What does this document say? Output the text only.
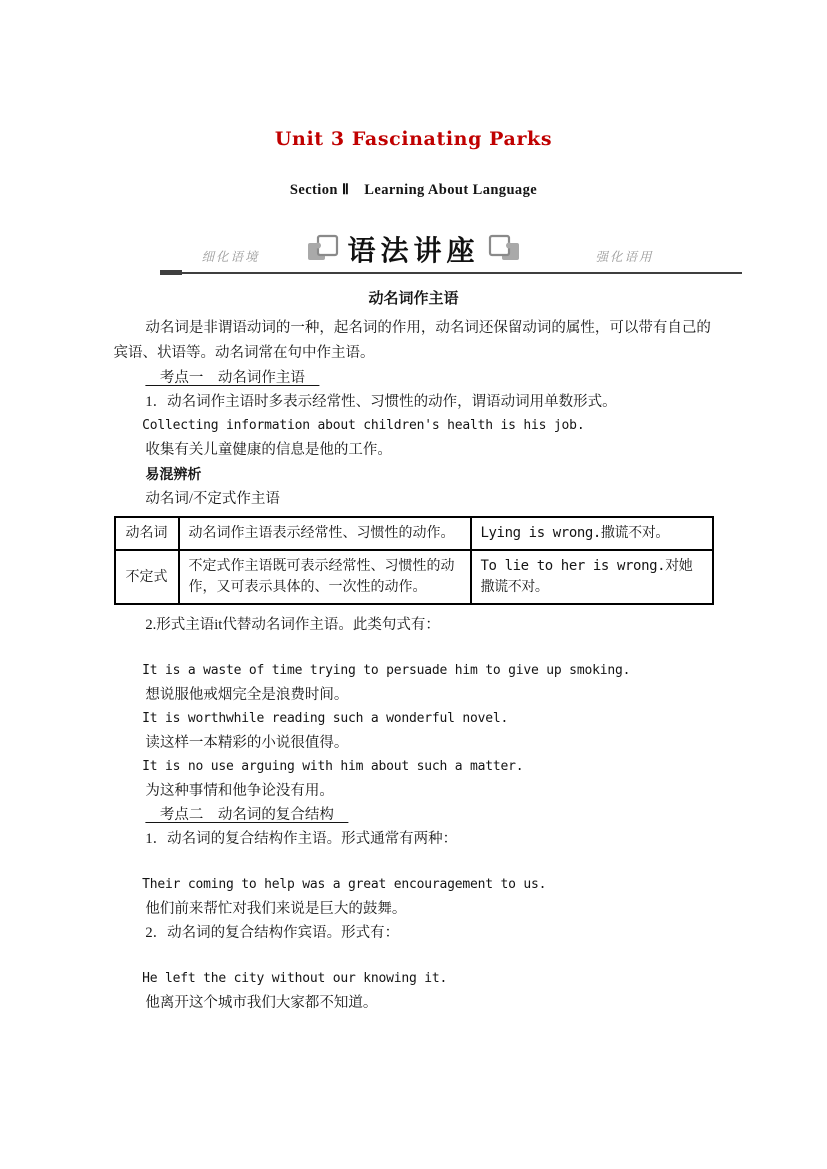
Unit 3 Fascinating Parks
Section Ⅱ　Learning About Language
细化语境	语法讲座	强化语用
动名词作主语

动名词是非谓语动词的一种，起名词的作用，动名词还保留动词的属性，可以带有自己的宾语、状语等。动名词常在句中作主语。

　考点一　动名词作主语　

1．动名词作主语时多表示经常性、习惯性的动作，谓语动词用单数形式。

Collecting information about children's health is his job.

收集有关儿童健康的信息是他的工作。

易混辨析

动名词/不定式作主语

动名词	动名词作主语表示经常性、习惯性的动作。	Lying is wrong.撒谎不对。
不定式	不定式作主语既可表示经常性、习惯性的动作，又可表示具体的、一次性的动作。	To lie to her is wrong.对她撒谎不对。

2.形式主语it代替动名词作主语。此类句式有：

It is a waste of time trying to persuade him to give up smoking.

想说服他戒烟完全是浪费时间。

It is worthwhile reading such a wonderful novel.

读这样一本精彩的小说很值得。

It is no use arguing with him about such a matter.

为这种事情和他争论没有用。

　考点二　动名词的复合结构　

1．动名词的复合结构作主语。形式通常有两种：

Their coming to help was a great encouragement to us.

他们前来帮忙对我们来说是巨大的鼓舞。

2．动名词的复合结构作宾语。形式有：

He left the city without our knowing it.

他离开这个城市我们大家都不知道。
